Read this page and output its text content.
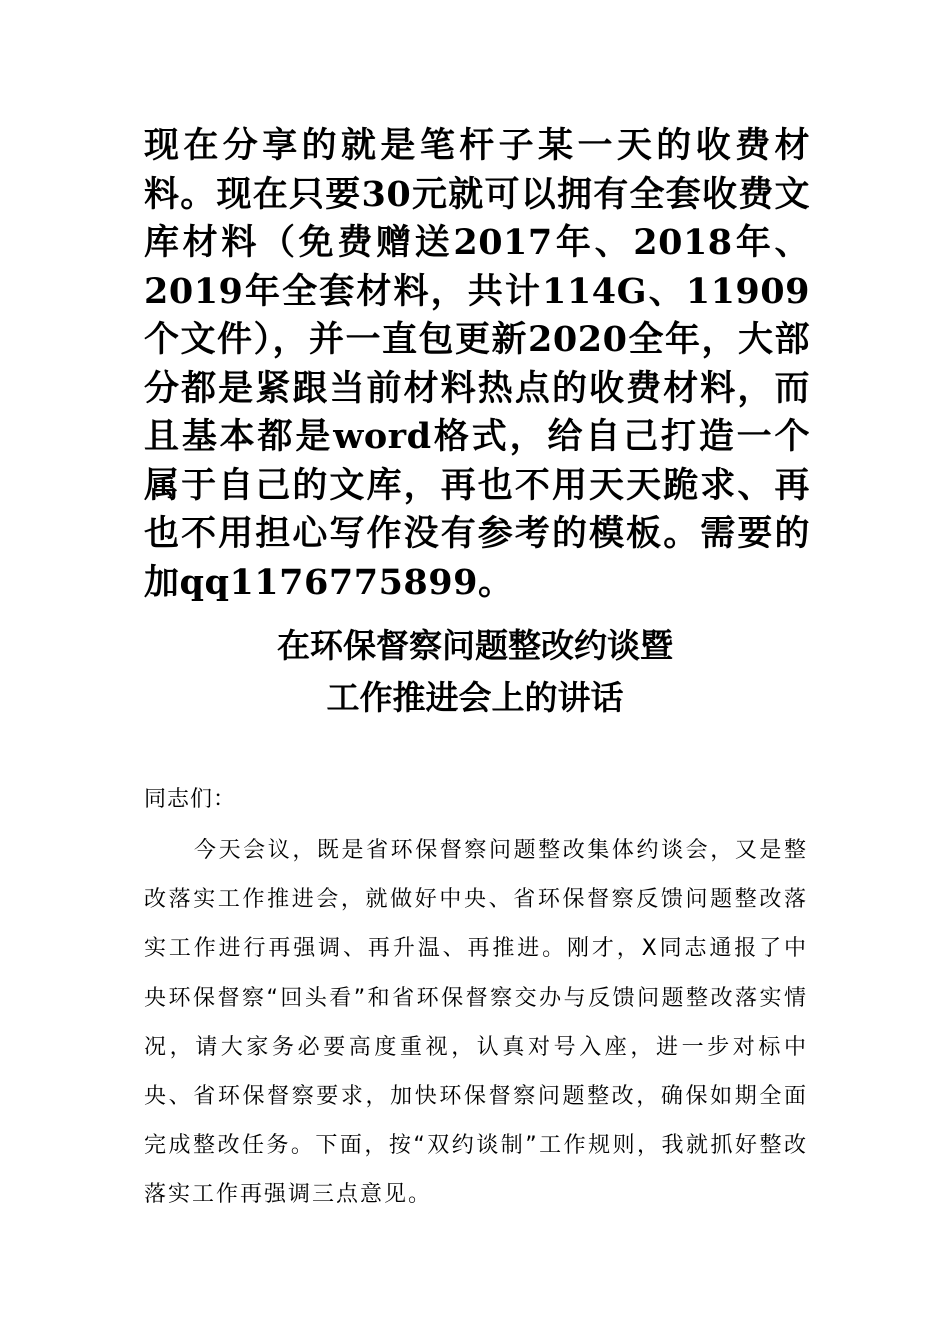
现在分享的就是笔杆子某一天的收费材料。现在只要30元就可以拥有全套收费文库材料（免费赠送2017年、2018年、2019年全套材料，共计114G、11909个文件），并一直包更新2020全年，大部分都是紧跟当前材料热点的收费材料，而且基本都是word格式，给自己打造一个属于自己的文库，再也不用天天跪求、再也不用担心写作没有参考的模板。需要的加qq1176775899。

在环保督察问题整改约谈暨
工作推进会上的讲话

同志们：

今天会议，既是省环保督察问题整改集体约谈会，又是整改落实工作推进会，就做好中央、省环保督察反馈问题整改落实工作进行再强调、再升温、再推进。刚才，X同志通报了中央环保督察“回头看”和省环保督察交办与反馈问题整改落实情况，请大家务必要高度重视，认真对号入座，进一步对标中央、省环保督察要求，加快环保督察问题整改，确保如期全面完成整改任务。下面，按“双约谈制”工作规则，我就抓好整改落实工作再强调三点意见。
